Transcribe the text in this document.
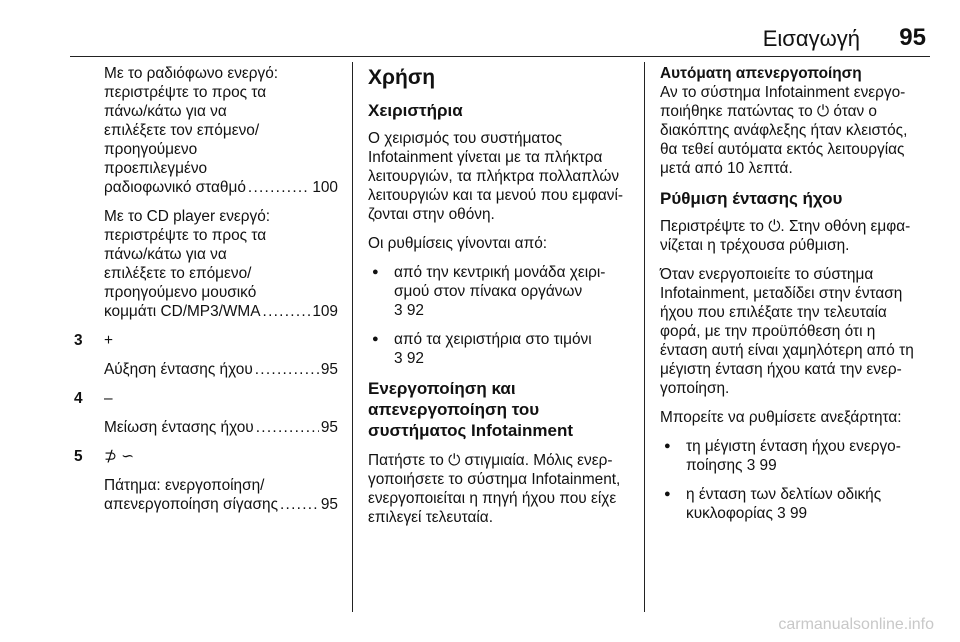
Εισαγωγή 95
Με το ραδιόφωνο ενεργό:
περιστρέψτε το προς τα
πάνω/κάτω για να
επιλέξετε τον επόμενο/
προηγούμενο
προεπιλεγμένο
ραδιοφωνικό σταθμό . . .	100
Με το CD player ενεργό:
περιστρέψτε το προς τα
πάνω/κάτω για να
επιλέξετε το επόμενο/
προηγούμενο μουσικό
κομμάτι CD/MP3/WMA . . .	109
3 +
Αύξηση έντασης ήχου . . .	95
4 –
Μείωση έντασης ήχου . . .	95
5 ⊅ ∽
Πάτημα: ενεργοποίηση/
απενεργοποίηση σίγασης . . .	95
Χρήση
Χειριστήρια
Ο χειρισμός του συστήματος
Infotainment γίνεται με τα πλήκτρα
λειτουργιών, τα πλήκτρα πολλαπλών
λειτουργιών και τα μενού που εμφανί-
ζονται στην οθόνη.
Οι ρυθμίσεις γίνονται από:
● από την κεντρική μονάδα χειρι-
σμού στον πίνακα οργάνων
3 92
● από τα χειριστήρια στο τιμόνι
3 92
Ενεργοποίηση και
απενεργοποίηση του
συστήματος Infotainment
Πατήστε το ⏻ στιγμιαία. Μόλις ενερ-
γοποιήσετε το σύστημα Infotainment,
ενεργοποιείται η πηγή ήχου που είχε
επιλεγεί τελευταία.
Αυτόματη απενεργοποίηση
Αν το σύστημα Infotainment ενεργο-
ποιήθηκε πατώντας το ⏻ όταν ο
διακόπτης ανάφλεξης ήταν κλειστός,
θα τεθεί αυτόματα εκτός λειτουργίας
μετά από 10 λεπτά.
Ρύθμιση έντασης ήχου
Περιστρέψτε το ⏻. Στην οθόνη εμφα-
νίζεται η τρέχουσα ρύθμιση.
Όταν ενεργοποιείτε το σύστημα
Infotainment, μεταδίδει στην ένταση
ήχου που επιλέξατε την τελευταία
φορά, με την προϋπόθεση ότι η
ένταση αυτή είναι χαμηλότερη από τη
μέγιστη ένταση ήχου κατά την ενερ-
γοποίηση.
Μπορείτε να ρυθμίσετε ανεξάρτητα:
● τη μέγιστη ένταση ήχου ενεργο-
ποίησης 3 99
● η ένταση των δελτίων οδικής
κυκλοφορίας 3 99
carmanualsonline.info
